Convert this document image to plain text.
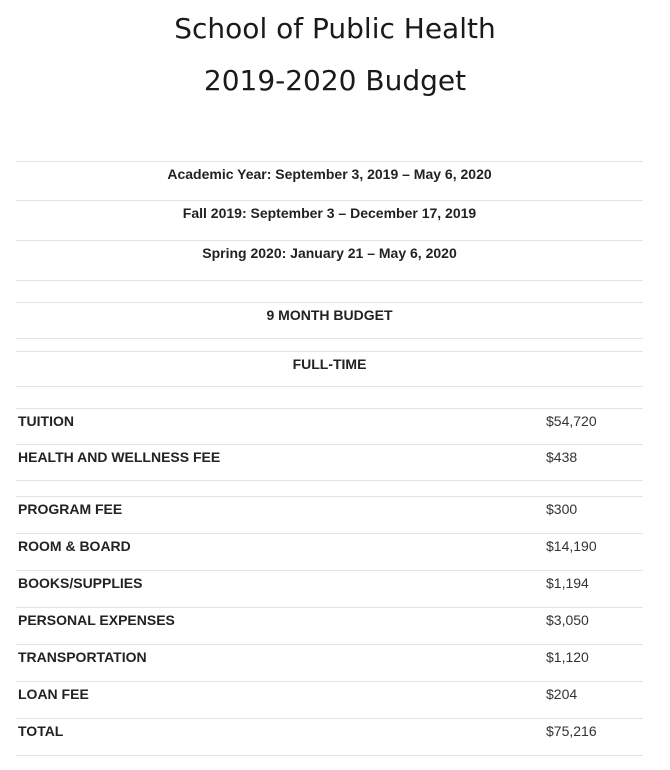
School of Public Health
2019-2020 Budget
Academic Year: September 3, 2019 – May 6, 2020
Fall 2019: September 3 – December 17, 2019
Spring 2020: January 21 – May 6, 2020
9 MONTH BUDGET
FULL-TIME
TUITION	$54,720
HEALTH AND WELLNESS FEE	$438
PROGRAM FEE	$300
ROOM & BOARD	$14,190
BOOKS/SUPPLIES	$1,194
PERSONAL EXPENSES	$3,050
TRANSPORTATION	$1,120
LOAN FEE	$204
TOTAL	$75,216
